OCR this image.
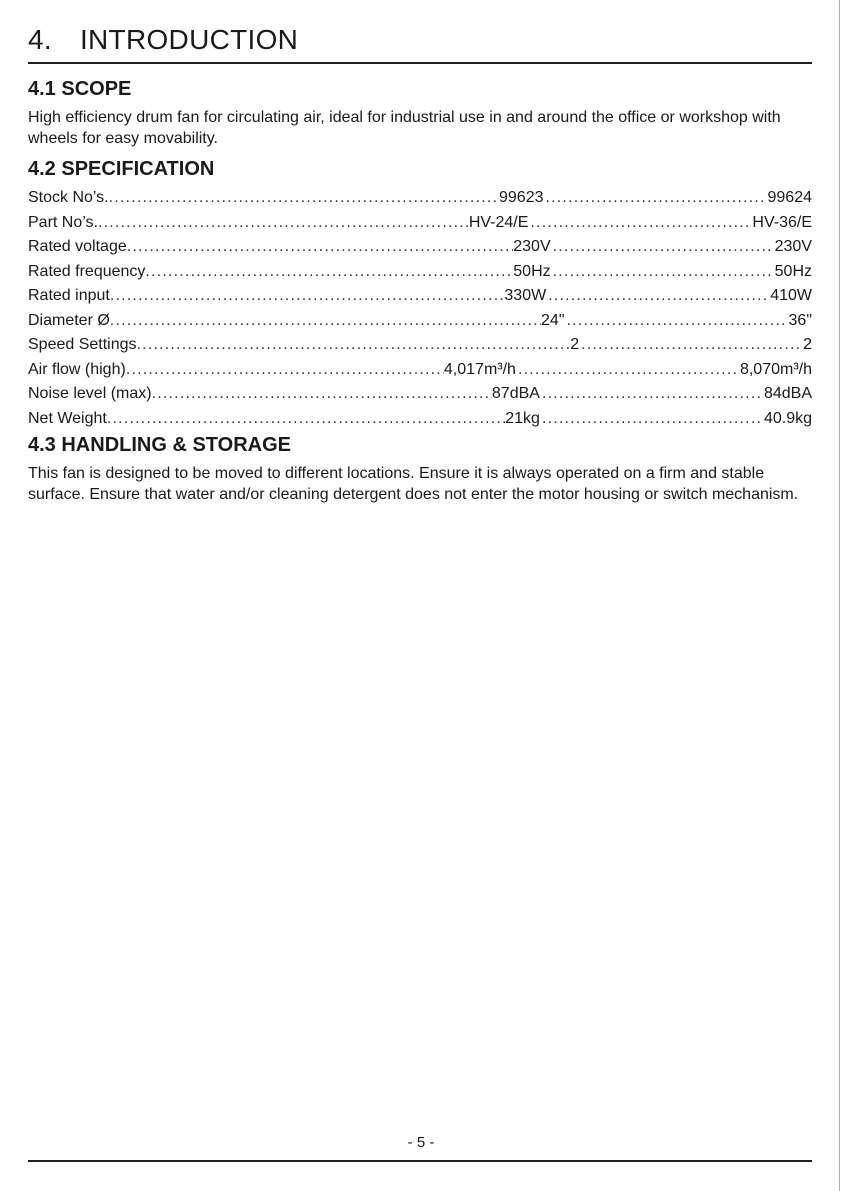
4. INTRODUCTION
4.1 SCOPE
High efficiency drum fan for circulating air, ideal for industrial use in and around the office or workshop with wheels for easy movability.
4.2 SPECIFICATION
Stock No’s. .....	99623 .....	99624
Part No’s. .....	HV-24/E .....	HV-36/E
Rated voltage .....	230V .....	230V
Rated frequency .....	50Hz .....	50Hz
Rated input .....	330W .....	410W
Diameter Ø .....	24" .....	36"
Speed Settings .....	2 .....	2
Air flow (high) .....	4,017m³/h .....	8,070m³/h
Noise level (max) .....	87dBA .....	84dBA
Net Weight .....	21kg .....	40.9kg
4.3 HANDLING & STORAGE
This fan is designed to be moved to different locations. Ensure it is always operated on a firm and stable surface. Ensure that water and/or cleaning detergent does not enter the motor housing or switch mechanism.
- 5 -
